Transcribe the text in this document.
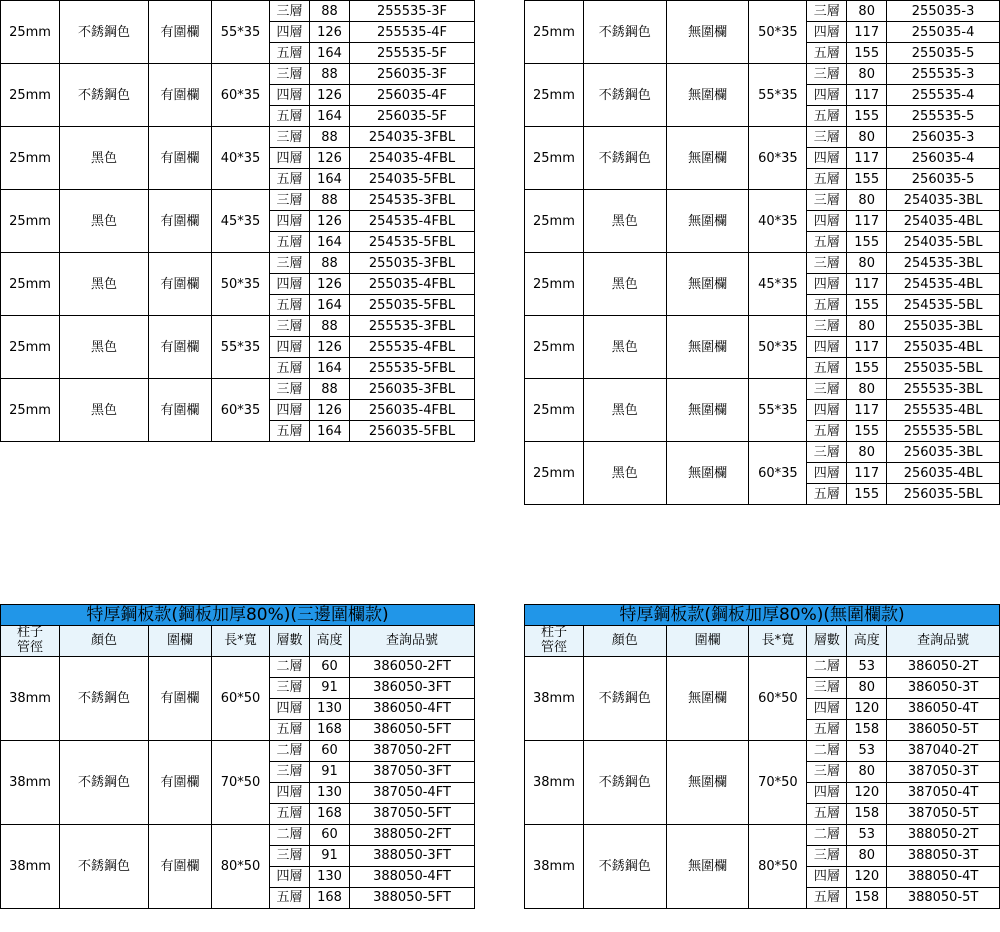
25mm	不銹鋼色	有圍欄	55*35	三層	88	255535-3F
				四層	126	255535-4F
				五層	164	255535-5F
25mm	不銹鋼色	有圍欄	60*35	三層	88	256035-3F
				四層	126	256035-4F
				五層	164	256035-5F
25mm	黑色	有圍欄	40*35	三層	88	254035-3FBL
				四層	126	254035-4FBL
				五層	164	254035-5FBL
25mm	黑色	有圍欄	45*35	三層	88	254535-3FBL
				四層	126	254535-4FBL
				五層	164	254535-5FBL
25mm	黑色	有圍欄	50*35	三層	88	255035-3FBL
				四層	126	255035-4FBL
				五層	164	255035-5FBL
25mm	黑色	有圍欄	55*35	三層	88	255535-3FBL
				四層	126	255535-4FBL
				五層	164	255535-5FBL
25mm	黑色	有圍欄	60*35	三層	88	256035-3FBL
				四層	126	256035-4FBL
				五層	164	256035-5FBL
25mm	不銹鋼色	無圍欄	50*35	三層	80	255035-3
				四層	117	255035-4
				五層	155	255035-5
25mm	不銹鋼色	無圍欄	55*35	三層	80	255535-3
				四層	117	255535-4
				五層	155	255535-5
25mm	不銹鋼色	無圍欄	60*35	三層	80	256035-3
				四層	117	256035-4
				五層	155	256035-5
25mm	黑色	無圍欄	40*35	三層	80	254035-3BL
				四層	117	254035-4BL
				五層	155	254035-5BL
25mm	黑色	無圍欄	45*35	三層	80	254535-3BL
				四層	117	254535-4BL
				五層	155	254535-5BL
25mm	黑色	無圍欄	50*35	三層	80	255035-3BL
				四層	117	255035-4BL
				五層	155	255035-5BL
25mm	黑色	無圍欄	55*35	三層	80	255535-3BL
				四層	117	255535-4BL
				五層	155	255535-5BL
25mm	黑色	無圍欄	60*35	三層	80	256035-3BL
				四層	117	256035-4BL
				五層	155	256035-5BL
特厚鋼板款(鋼板加厚80%)(三邊圍欄款)						
柱子
管徑	顏色	圍欄	長*寬	層數	高度	查詢品號
38mm	不銹鋼色	有圍欄	60*50	二層	60	386050-2FT
				三層	91	386050-3FT
				四層	130	386050-4FT
				五層	168	386050-5FT
38mm	不銹鋼色	有圍欄	70*50	二層	60	387050-2FT
				三層	91	387050-3FT
				四層	130	387050-4FT
				五層	168	387050-5FT
38mm	不銹鋼色	有圍欄	80*50	二層	60	388050-2FT
				三層	91	388050-3FT
				四層	130	388050-4FT
				五層	168	388050-5FT
特厚鋼板款(鋼板加厚80%)(無圍欄款)						
柱子
管徑	顏色	圍欄	長*寬	層數	高度	查詢品號
38mm	不銹鋼色	無圍欄	60*50	二層	53	386050-2T
				三層	80	386050-3T
				四層	120	386050-4T
				五層	158	386050-5T
38mm	不銹鋼色	無圍欄	70*50	二層	53	387040-2T
				三層	80	387050-3T
				四層	120	387050-4T
				五層	158	387050-5T
38mm	不銹鋼色	無圍欄	80*50	二層	53	388050-2T
				三層	80	388050-3T
				四層	120	388050-4T
				五層	158	388050-5T
